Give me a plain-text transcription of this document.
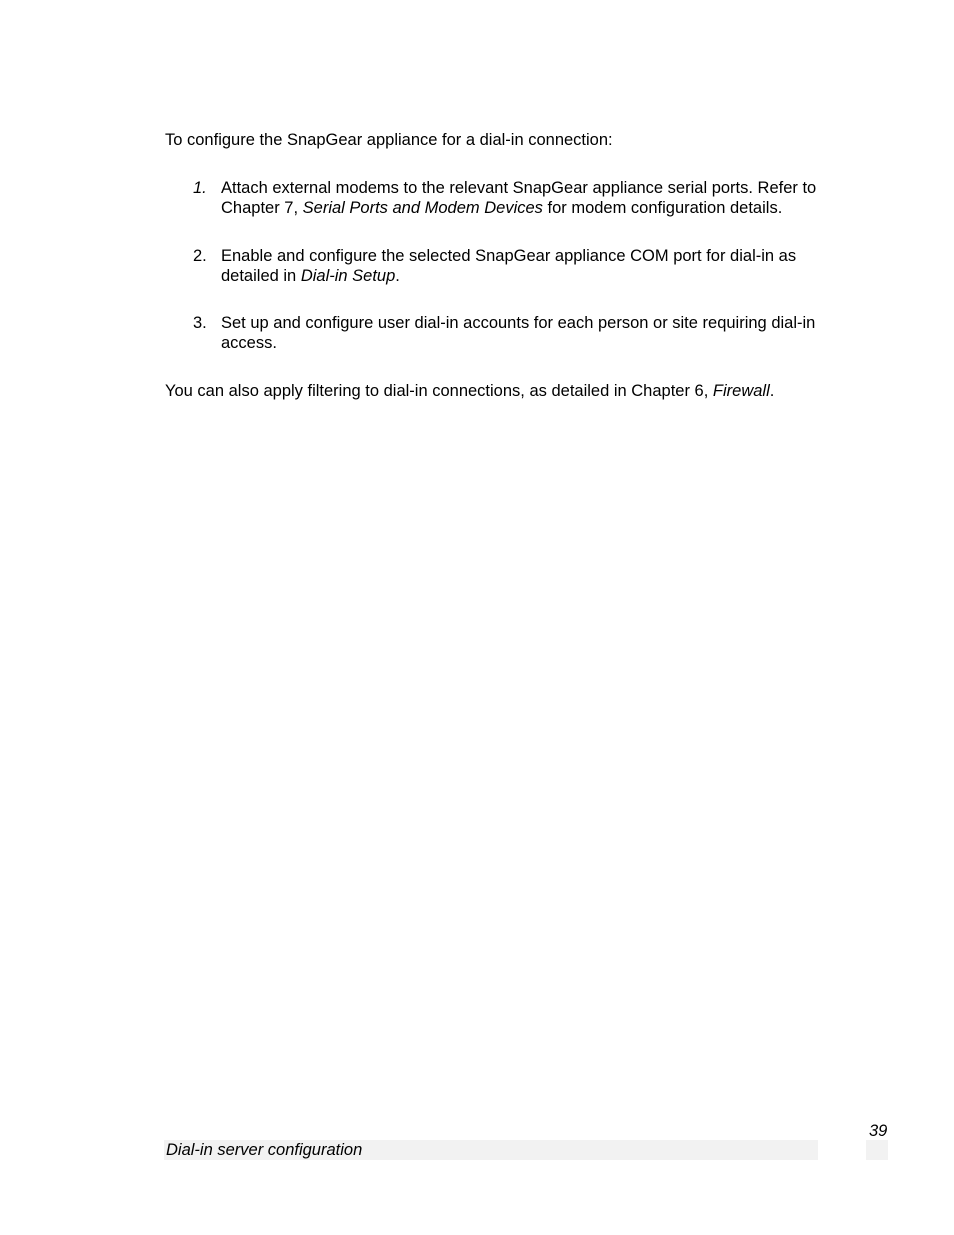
To configure the SnapGear appliance for a dial-in connection:

1. Attach external modems to the relevant SnapGear appliance serial ports. Refer to
Chapter 7, Serial Ports and Modem Devices for modem configuration details.
2. Enable and configure the selected SnapGear appliance COM port for dial-in as
detailed in Dial-in Setup.
3. Set up and configure user dial-in accounts for each person or site requiring dial-in
access.

You can also apply filtering to dial-in connections, as detailed in Chapter 6, Firewall.

Dial-in server configuration
39
